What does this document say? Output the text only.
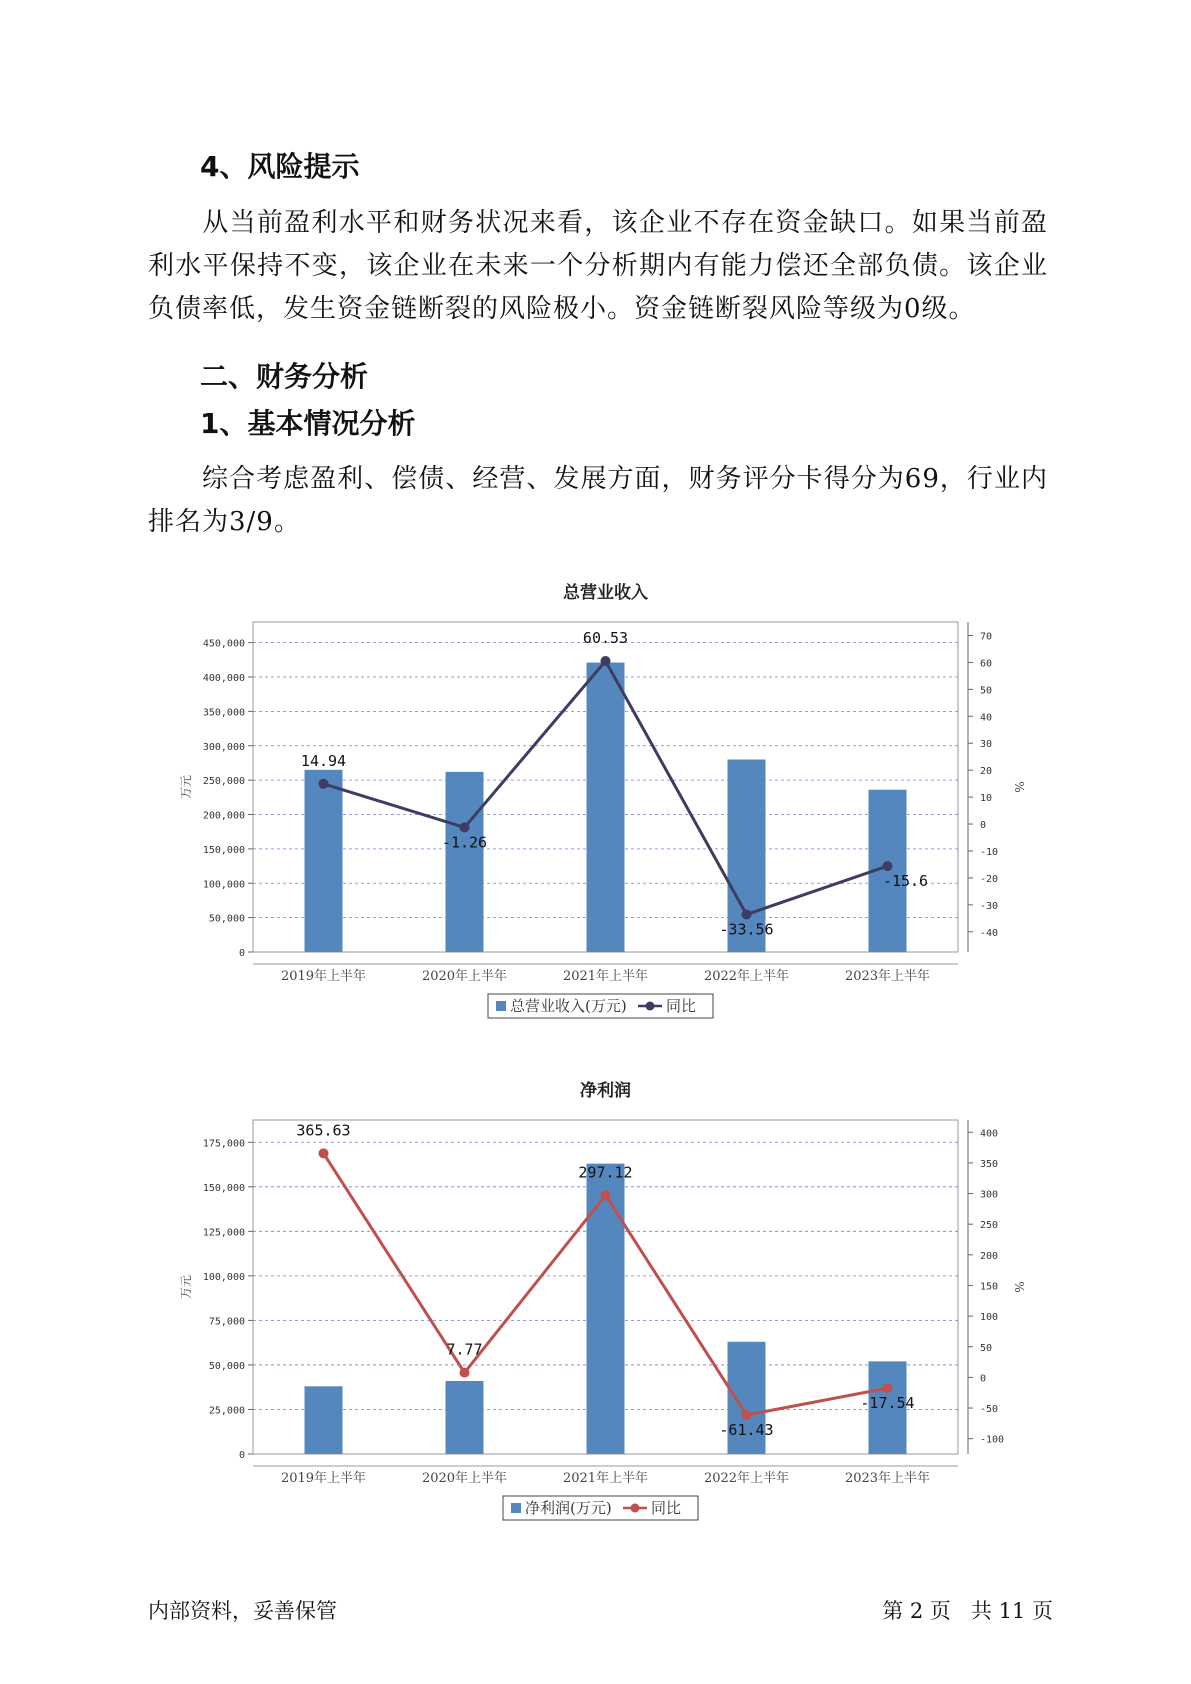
4、风险提示

从当前盈利水平和财务状况来看，该企业不存在资金缺口。如果当前盈利水平保持不变，该企业在未来一个分析期内有能力偿还全部负债。该企业负债率低，发生资金链断裂的风险极小。资金链断裂风险等级为0级。

二、财务分析
1、基本情况分析

综合考虑盈利、偿债、经营、发展方面，财务评分卡得分为69，行业内排名为3/9。

总营业收入
0
50,000
100,000
150,000
200,000
250,000
300,000
350,000
400,000
450,000
-40
-30
-20
-10
0
10
20
30
40
50
60
70
万元	%
2019年上半年	2020年上半年	2021年上半年	2022年上半年	2023年上半年
14.94
-1.26
60.53
-33.56
-15.6
总营业收入(万元)	同比
净利润
0
25,000
50,000
75,000
100,000
125,000
150,000
175,000
-100
-50
0
50
100
150
200
250
300
350
400
万元	%
2019年上半年	2020年上半年	2021年上半年	2022年上半年	2023年上半年
365.63
7.77
297.12
-61.43
-17.54
净利润(万元)	同比
内部资料，妥善保管	第 2 页   共 11 页
